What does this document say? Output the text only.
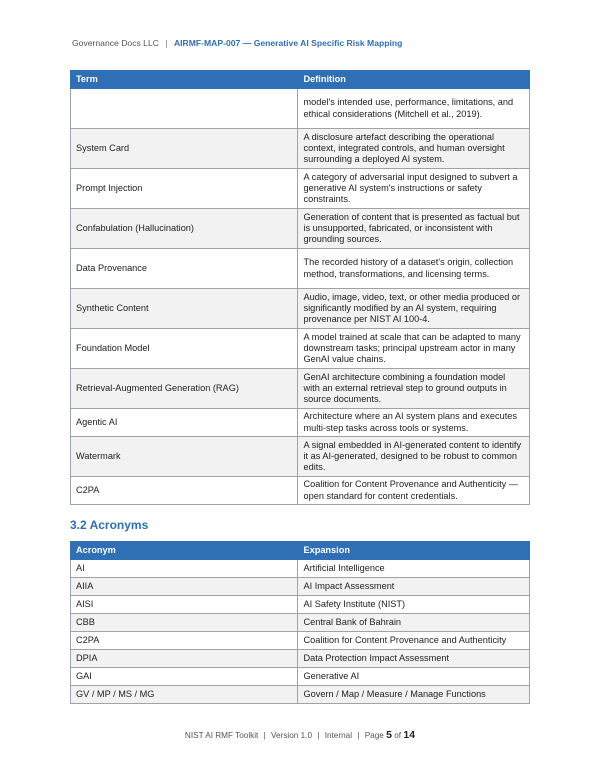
Governance Docs LLC | AIRMF-MAP-007 — Generative AI Specific Risk Mapping
Term	Definition
	model's intended use, performance, limitations, and ethical considerations (Mitchell et al., 2019).
System Card	A disclosure artefact describing the operational context, integrated controls, and human oversight surrounding a deployed AI system.
Prompt Injection	A category of adversarial input designed to subvert a generative AI system's instructions or safety constraints.
Confabulation (Hallucination)	Generation of content that is presented as factual but is unsupported, fabricated, or inconsistent with grounding sources.
Data Provenance	The recorded history of a dataset's origin, collection method, transformations, and licensing terms.
Synthetic Content	Audio, image, video, text, or other media produced or significantly modified by an AI system, requiring provenance per NIST AI 100-4.
Foundation Model	A model trained at scale that can be adapted to many downstream tasks; principal upstream actor in many GenAI value chains.
Retrieval-Augmented Generation (RAG)	GenAI architecture combining a foundation model with an external retrieval step to ground outputs in source documents.
Agentic AI	Architecture where an AI system plans and executes multi-step tasks across tools or systems.
Watermark	A signal embedded in AI-generated content to identify it as AI-generated, designed to be robust to common edits.
C2PA	Coalition for Content Provenance and Authenticity — open standard for content credentials.
3.2 Acronyms
Acronym	Expansion
AI	Artificial Intelligence
AIIA	AI Impact Assessment
AISI	AI Safety Institute (NIST)
CBB	Central Bank of Bahrain
C2PA	Coalition for Content Provenance and Authenticity
DPIA	Data Protection Impact Assessment
GAI	Generative AI
GV / MP / MS / MG	Govern / Map / Measure / Manage Functions
NIST AI RMF Toolkit | Version 1.0 | Internal | Page 5 of 14
